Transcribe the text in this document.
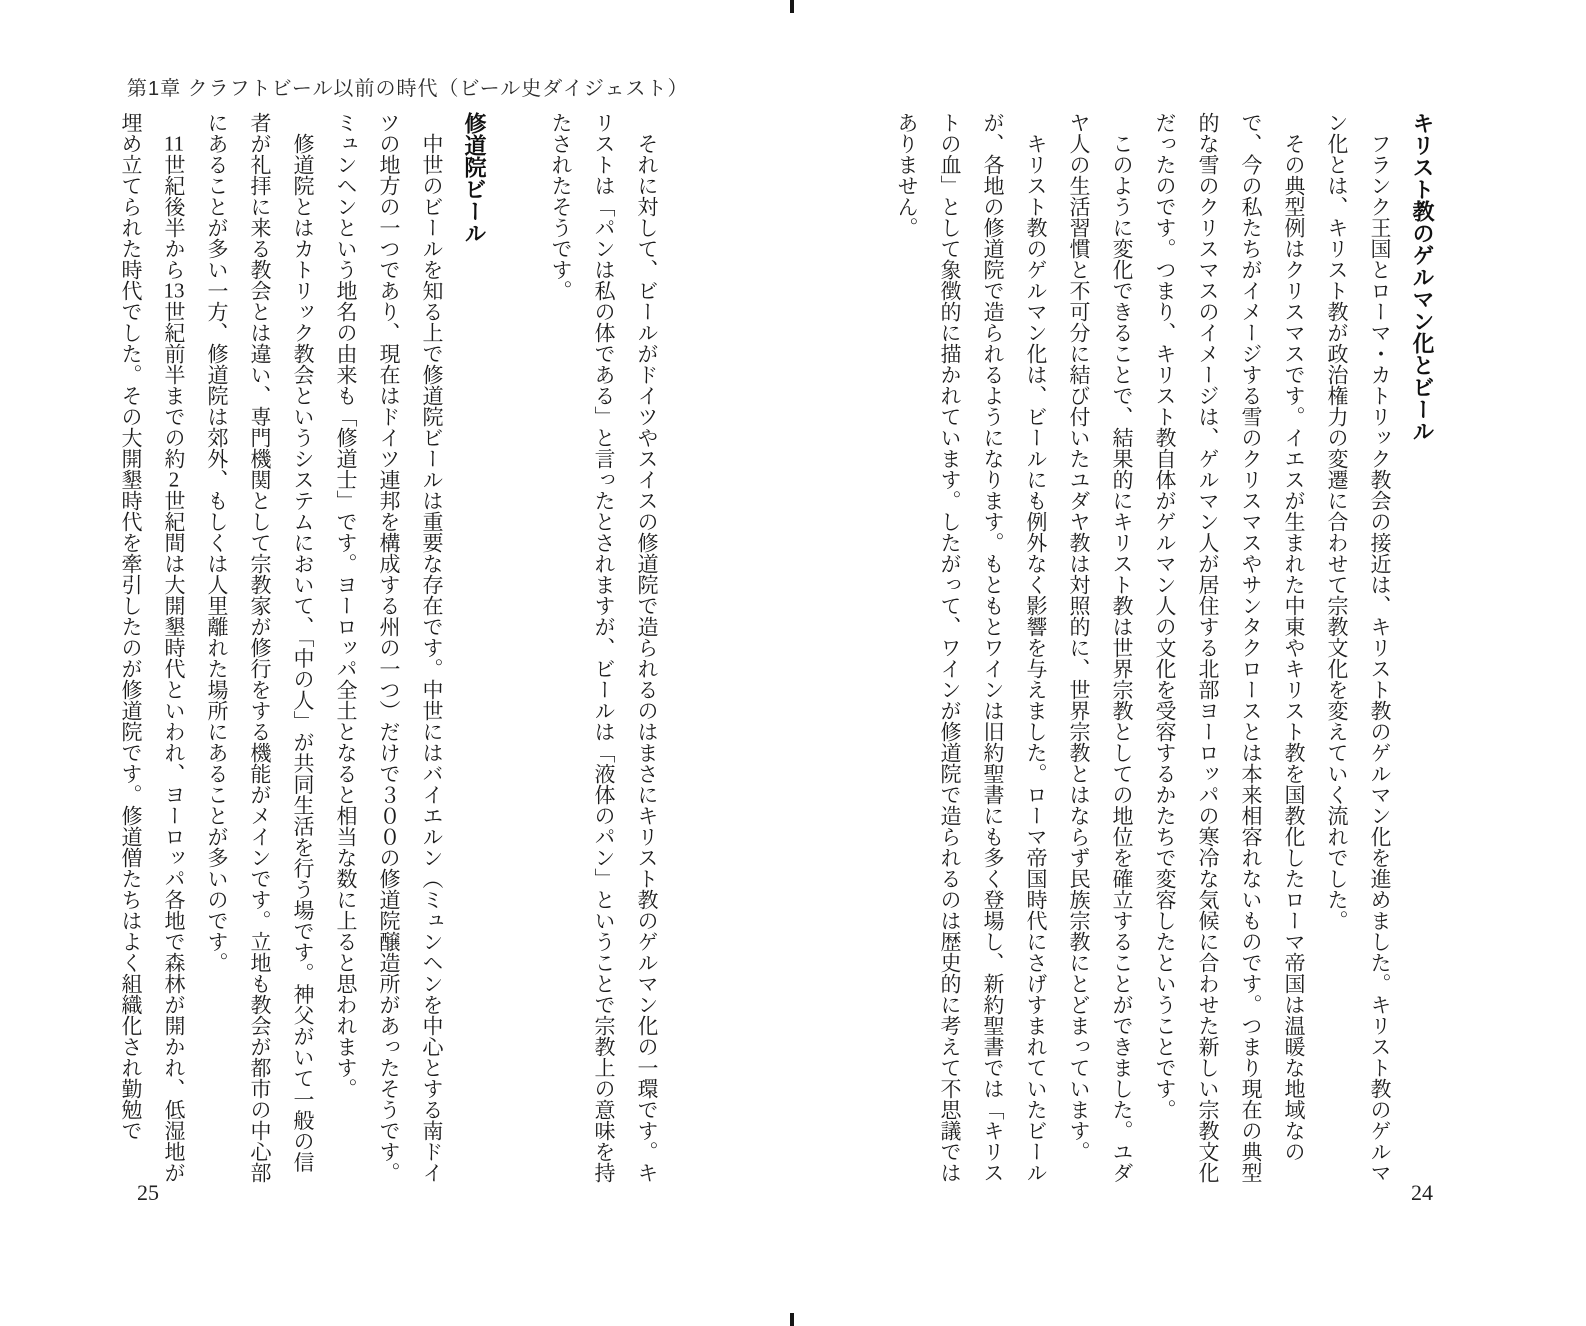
キリスト教のゲルマン化とビール

フランク王国とローマ・カトリック教会の接近は、キリスト教のゲルマン化を進めました。キリスト教のゲルマン化とは、キリスト教が政治権力の変遷に合わせて宗教文化を変えていく流れでした。

その典型例はクリスマスです。イエスが生まれた中東やキリスト教を国教化したローマ帝国は温暖な地域なので、今の私たちがイメージする雪のクリスマスやサンタクロースとは本来相容れないものです。つまり現在の典型的な雪のクリスマスのイメージは、ゲルマン人が居住する北部ヨーロッパの寒冷な気候に合わせた新しい宗教文化だったのです。つまり、キリスト教自体がゲルマン人の文化を受容するかたちで変容したということです。

このように変化できることで、結果的にキリスト教は世界宗教としての地位を確立することができました。ユダヤ人の生活習慣と不可分に結び付いたユダヤ教は対照的に、世界宗教とはならず民族宗教にとどまっています。

キリスト教のゲルマン化は、ビールにも例外なく影響を与えました。ローマ帝国時代にさげすまれていたビールが、各地の修道院で造られるようになります。もともとワインは旧約聖書にも多く登場し、新約聖書では「キリストの血」として象徴的に描かれています。したがって、ワインが修道院で造られるのは歴史的に考えて不思議ではありません。

24
第1章 クラフトビール以前の時代（ビール史ダイジェスト）

それに対して、ビールがドイツやスイスの修道院で造られるのはまさにキリスト教のゲルマン化の一環です。キリストは「パンは私の体である」と言ったとされますが、ビールは「液体のパン」ということで宗教上の意味を持たされたそうです。

修道院ビール

中世のビールを知る上で修道院ビールは重要な存在です。中世にはバイエルン（ミュンヘンを中心とする南ドイツの地方の一つであり、現在はドイツ連邦を構成する州の一つ）だけで３００の修道院醸造所があったそうです。ミュンヘンという地名の由来も「修道士」です。ヨーロッパ全土となると相当な数に上ると思われます。

修道院とはカトリック教会というシステムにおいて、「中の人」が共同生活を行う場です。神父がいて一般の信者が礼拝に来る教会とは違い、専門機関として宗教家が修行をする機能がメインです。立地も教会が都市の中心部にあることが多い一方、修道院は郊外、もしくは人里離れた場所にあることが多いのです。

11世紀後半から13世紀前半までの約2世紀間は大開墾時代といわれ、ヨーロッパ各地で森林が開かれ、低湿地が埋め立てられた時代でした。その大開墾時代を牽引したのが修道院です。修道僧たちはよく組織化され勤勉で

25
